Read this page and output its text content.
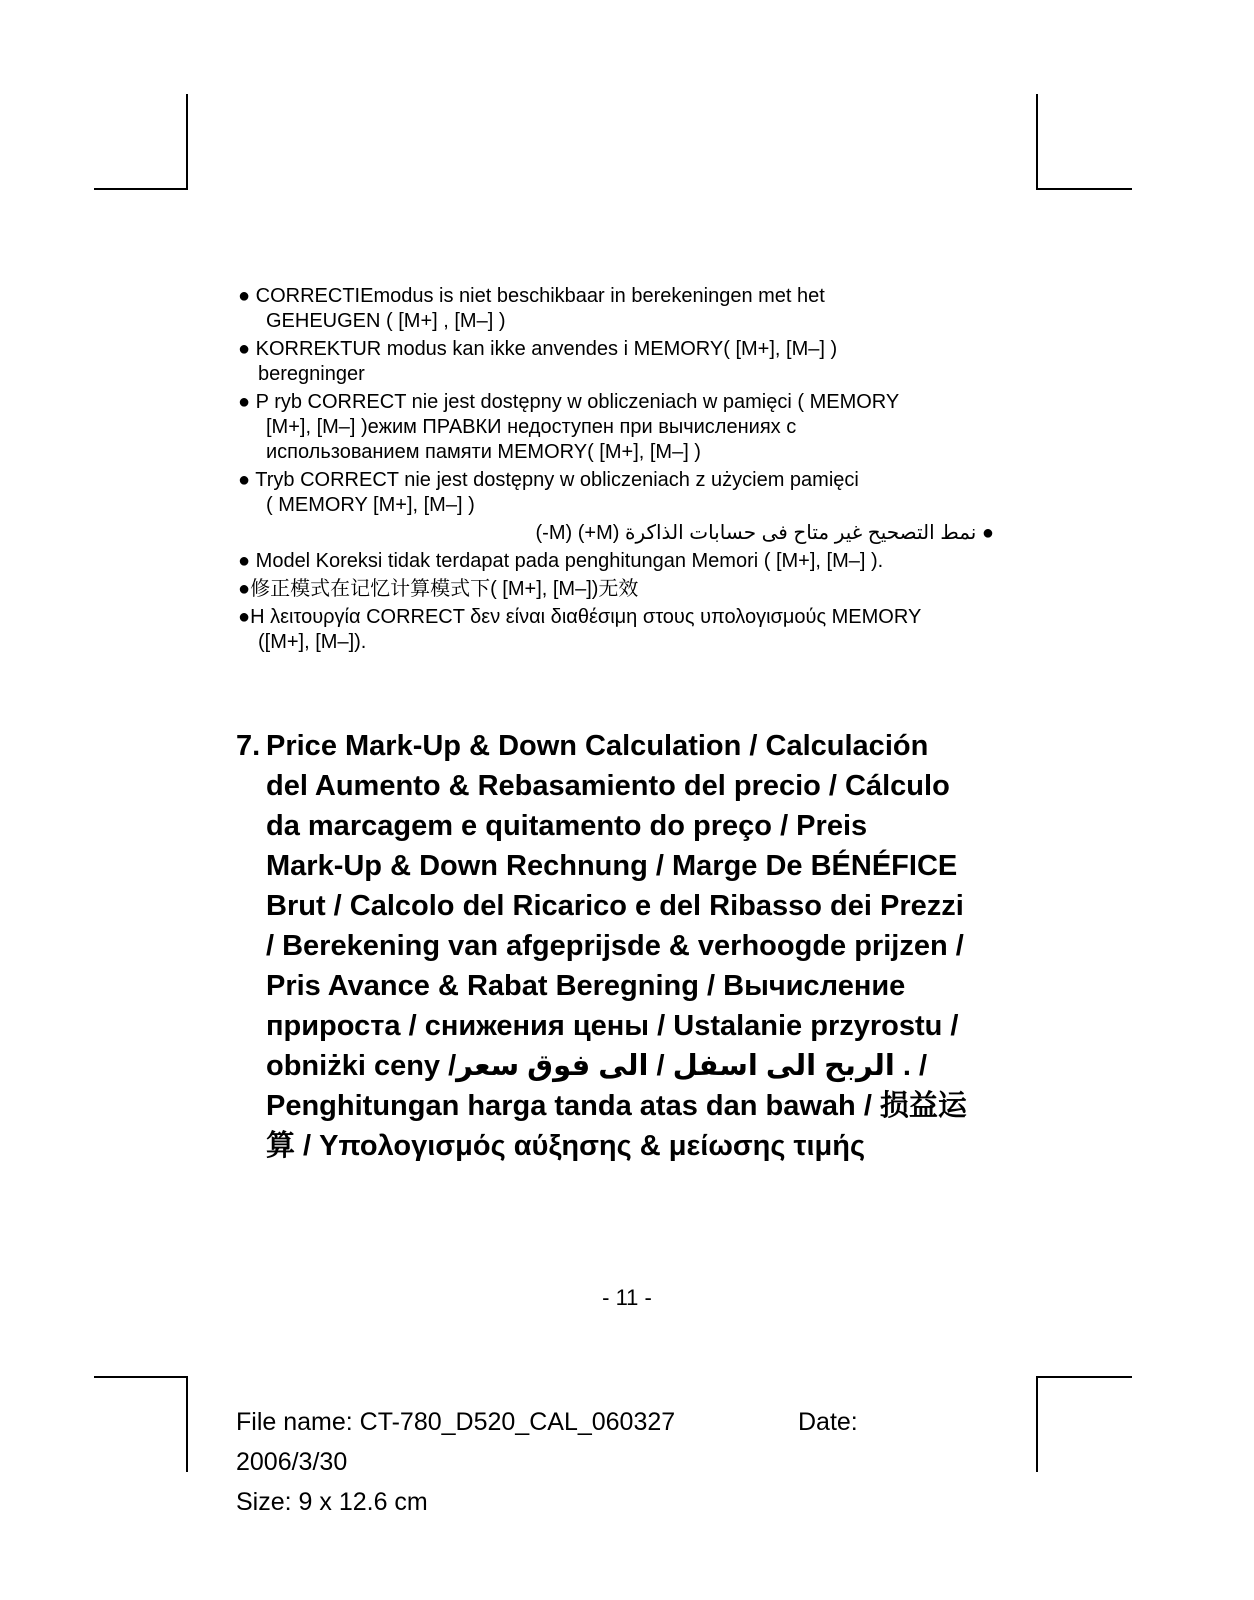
● CORRECTIEmodus is niet beschikbaar in berekeningen met het
GEHEUGEN ( [M+] , [M–] )
● KORREKTUR modus kan ikke anvendes i MEMORY( [M+], [M–] )
beregninger
● P ryb CORRECT nie jest dostępny w obliczeniach w pamięci ( MEMORY
[M+], [M–] )ежим ПРАВКИ недоступен при вычислениях с
использованием памяти MEMORY( [M+], [M–] )
● Tryb CORRECT nie jest dostępny w obliczeniach z użyciem pamięci
( MEMORY [M+], [M–] )
● نمط التصحيح غير متاح فى حسابات الذاكرة (M+) (M-)
● Model Koreksi tidak terdapat pada penghitungan Memori ( [M+], [M–] ).
●修正模式在记忆计算模式下( [M+], [M–])无效
●Η λειτουργία CORRECT δεν είναι διαθέσιμη στους υπολογισμούς MEMORY
([M+], [M–]).
7. Price Mark-Up & Down Calculation / Calculación
del Aumento & Rebasamiento del precio / Cálculo
da marcagem e quitamento do preço / Preis
Mark-Up & Down Rechnung / Marge De BÉNÉFICE
Brut / Calcolo del Ricarico e del Ribasso dei Prezzi
/ Berekening van afgeprijsde & verhoogde prijzen /
Pris Avance & Rabat Beregning / Вычисление
прироста / снижения цены / Ustalanie przyrostu /
obniżki ceny /الربح الى اسفل / الى فوق سعر . /
Penghitungan harga tanda atas dan bawah / 损益运
算 / Υπολογισμός αύξησης & μείωσης τιμής
- 11 -
File name: CT-780_D520_CAL_060327	Date:
2006/3/30
Size: 9 x 12.6 cm
